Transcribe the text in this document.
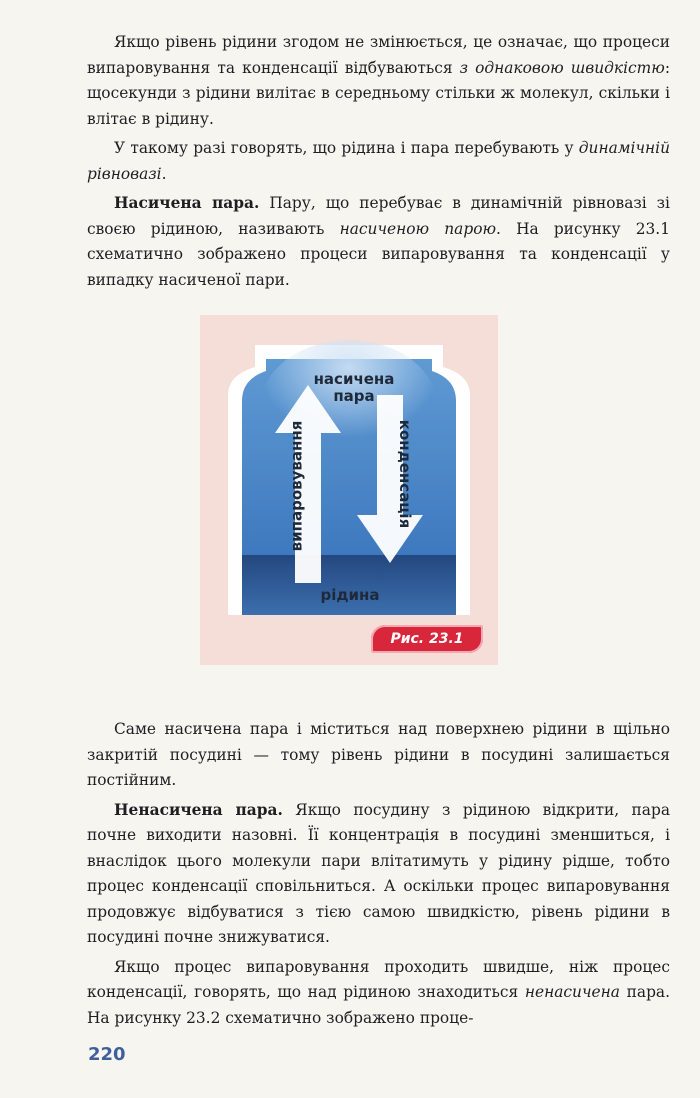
Якщо рівень рідини згодом не змінюється, це означає, що процеси випаровування та конденсації відбуваються з однаковою швидкістю: щосекунди з рідини вилітає в середньому стільки ж молекул, скільки і влітає в рідину.

У такому разі говорять, що рідина і пара перебувають у динамічній рівновазі.

Насичена пара. Пару, що перебуває в динамічній рівновазі зі своєю рідиною, називають насиченою парою. На рисунку 23.1 схематично зображено процеси випаровування та конденсації у випадку насиченої пари.

насичена
пара
випаровування	конденсація
рідина
Рис. 23.1

Саме насичена пара і міститься над поверхнею рідини в щільно закритій посудині — тому рівень рідини в посудині залишається постійним.

Ненасичена пара. Якщо посудину з рідиною відкрити, пара почне виходити назовні. Її концентрація в посудині зменшиться, і внаслідок цього молекули пари влітатимуть у рідину рідше, тобто процес конденсації сповільниться. А оскільки процес випаровування продовжує відбуватися з тією самою швидкістю, рівень рідини в посудині почне знижуватися.

Якщо процес випаровування проходить швидше, ніж процес конденсації, говорять, що над рідиною знаходиться ненасичена пара. На рисунку 23.2 схематично зображено проце-

220
